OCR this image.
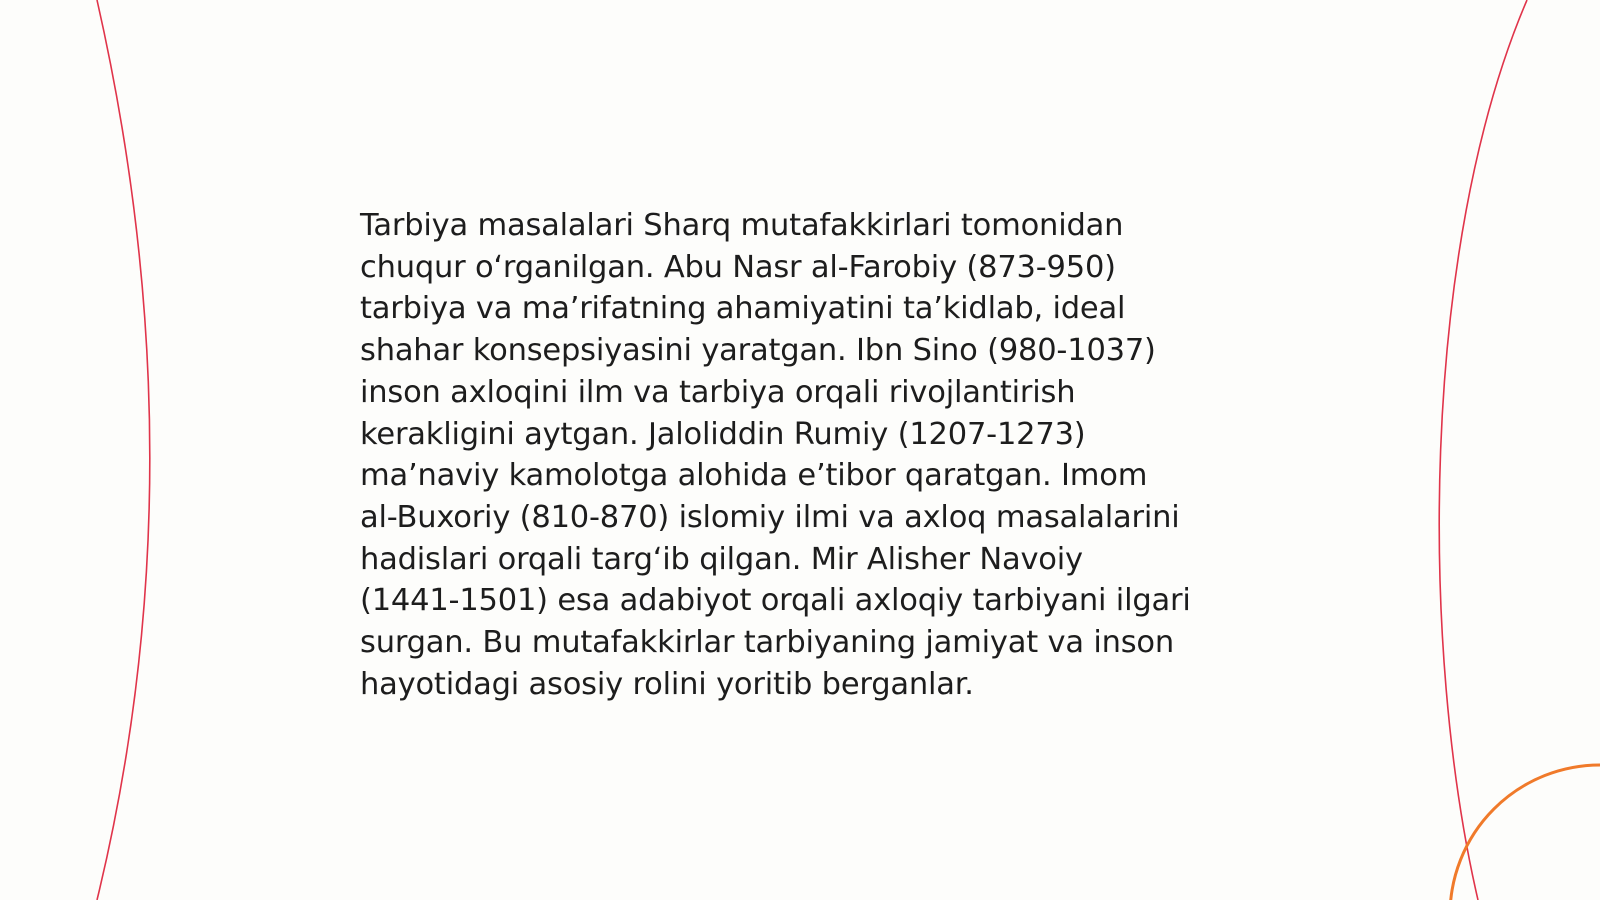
Tarbiya masalalari Sharq mutafakkirlari tomonidan
chuqur o‘rganilgan. Abu Nasr al-Farobiy (873-950)
tarbiya va ma’rifatning ahamiyatini ta’kidlab, ideal
shahar konsepsiyasini yaratgan. Ibn Sino (980-1037)
inson axloqini ilm va tarbiya orqali rivojlantirish
kerakligini aytgan. Jaloliddin Rumiy (1207-1273)
ma’naviy kamolotga alohida e’tibor qaratgan. Imom
al-Buxoriy (810-870) islomiy ilmi va axloq masalalarini
hadislari orqali targ‘ib qilgan. Mir Alisher Navoiy
(1441-1501) esa adabiyot orqali axloqiy tarbiyani ilgari
surgan. Bu mutafakkirlar tarbiyaning jamiyat va inson
hayotidagi asosiy rolini yoritib berganlar.
